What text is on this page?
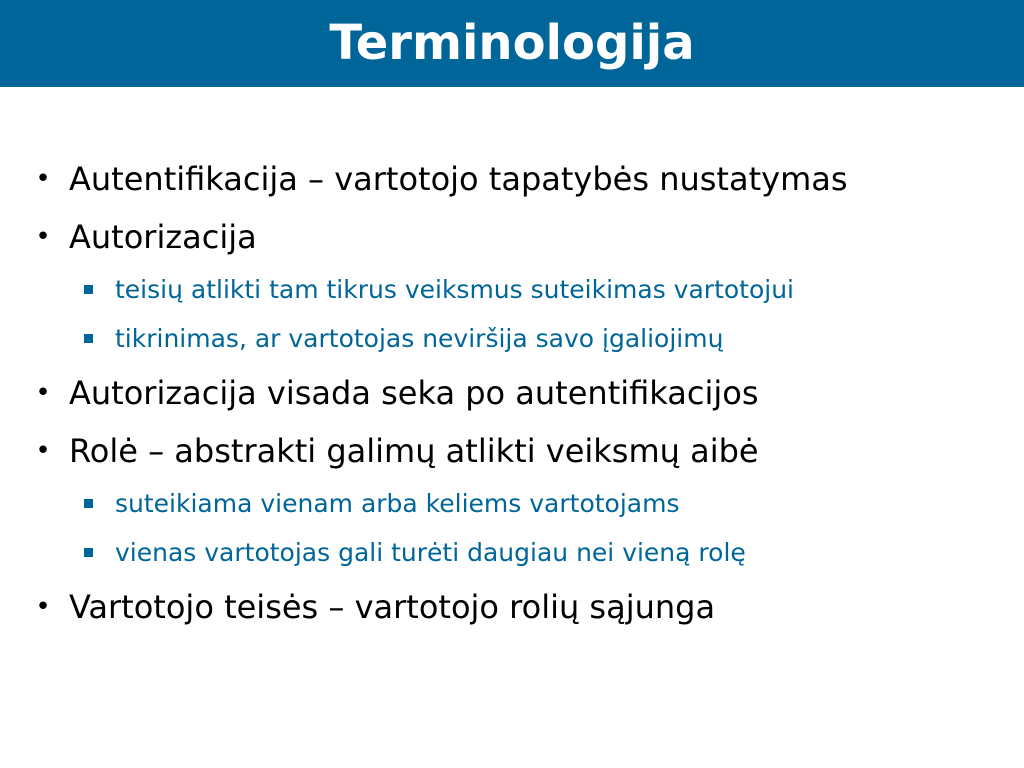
Terminologija
• Autentifikacija – vartotojo tapatybės nustatymas
• Autorizacija
teisių atlikti tam tikrus veiksmus suteikimas vartotojui
tikrinimas, ar vartotojas neviršija savo įgaliojimų
• Autorizacija visada seka po autentifikacijos
• Rolė – abstrakti galimų atlikti veiksmų aibė
suteikiama vienam arba keliems vartotojams
vienas vartotojas gali turėti daugiau nei vieną rolę
• Vartotojo teisės – vartotojo rolių sąjunga
